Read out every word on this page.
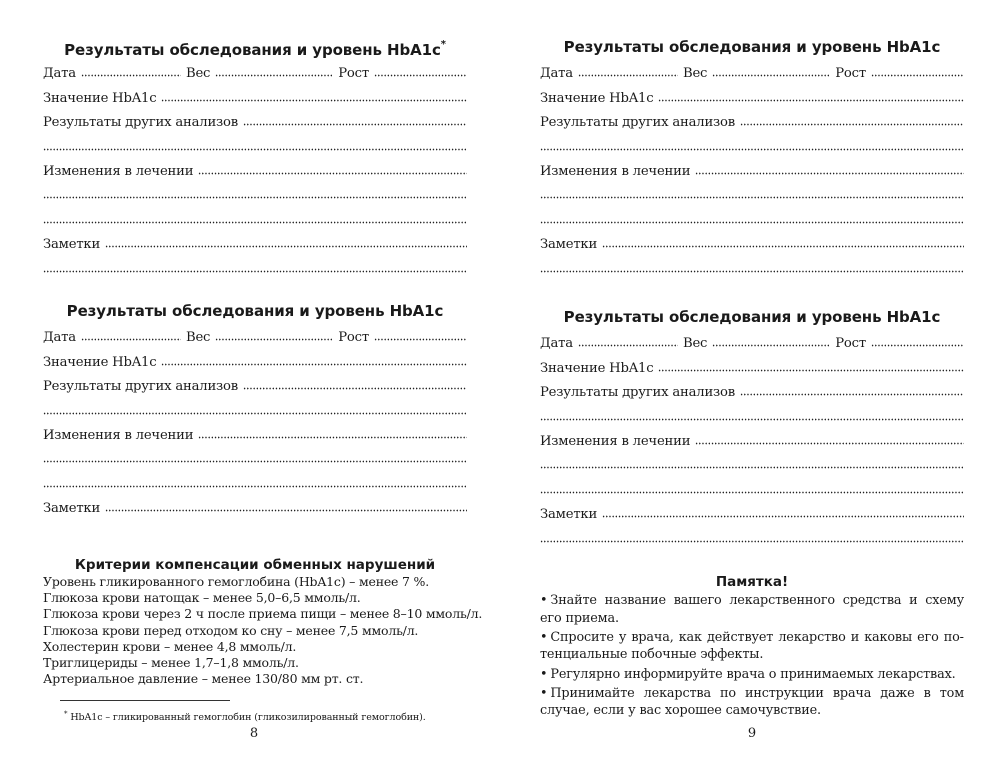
Результаты обследования и уровень HbA1c*
Дата	Вес	Рост
Значение HbA1c
Результаты других анализов
Изменения в лечении
Заметки
Результаты обследования и уровень HbA1c
Дата	Вес	Рост
Значение HbA1c
Результаты других анализов
Изменения в лечении
Заметки
Критерии компенсации обменных нарушений
Уровень гликированного гемоглобина (HbA1c) – менее 7 %.
Глюкоза крови натощак – менее 5,0–6,5 ммоль/л.
Глюкоза крови через 2 ч после приема пищи – менее 8–10 ммоль/л.
Глюкоза крови перед отходом ко сну – менее 7,5 ммоль/л.
Холестерин крови – менее 4,8 ммоль/л.
Триглицериды – менее 1,7–1,8 ммоль/л.
Артериальное давление – менее 130/80 мм рт. ст.
* HbA1c – гликированный гемоглобин (гликозилированный гемоглобин).
8
Результаты обследования и уровень HbA1c
Дата	Вес	Рост
Значение HbA1c
Результаты других анализов
Изменения в лечении
Заметки
Результаты обследования и уровень HbA1c
Дата	Вес	Рост
Значение HbA1c
Результаты других анализов
Изменения в лечении
Заметки
Памятка!
• Знайте название вашего лекарственного средства и схему его приема.
• Спросите у врача, как действует лекарство и каковы его потенциальные побочные эффекты.
• Регулярно информируйте врача о принимаемых лекарствах.
• Принимайте лекарства по инструкции врача даже в том случае, если у вас хорошее самочувствие.
9
